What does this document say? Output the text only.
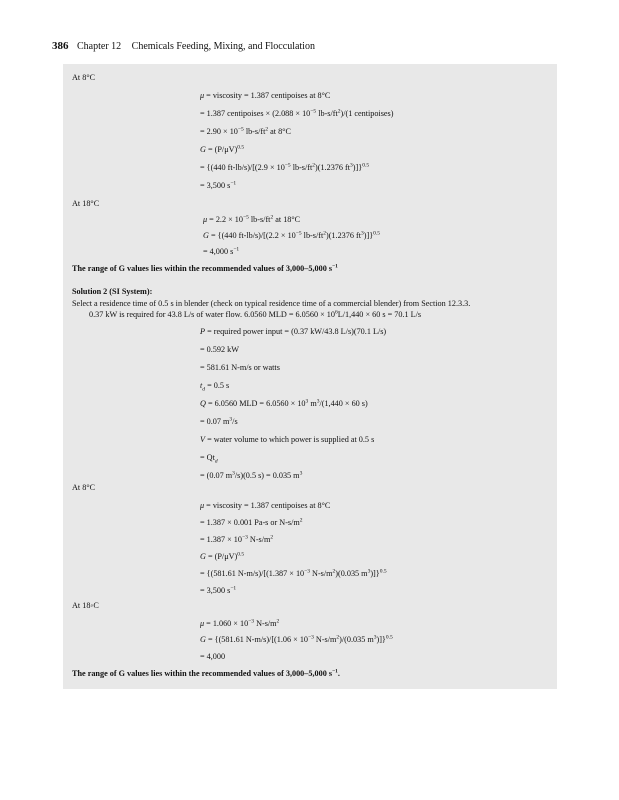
386 Chapter 12 Chemicals Feeding, Mixing, and Flocculation
At 8°C
μ = viscosity = 1.387 centipoises at 8°C
= 1.387 centipoises × ($2.088 \times 10^{-5}$ $lb-s/ft^2)/(1$ centipoises)
= $2.90 \times 10^{-5}$ $lb-s/ft^2$ at 8°C
$G = (P/\mu V)^{0.5}$
= {(440 $ft-lb/s)/[(2.9 \times 10^{-5}$ $lb-s/ft^2)(1.2376$ $ft^3)]\}^{0.5}$
= 3,500 $s^{-1}$
At 18°C
$\mu = 2.2 \times 10^{-5}$ $lb-s/ft^2$ at 18°C
G = {(440 $ft-lb/s)/[(2.2 \times 10^{-5}$ $lb-s/ft^2)(1.2376$ $ft^3)]\}^{0.5}$
= 4,000 $s^{-1}$
The range of G values lies within the recommended values of 3,000–5,000 $s^{-1}$
Solution 2 (SI System):
Select a residence time of 0.5 s in blender (check on typical residence time of a commercial blender) from Section 12.3.3.
0.37 kW is required for 43.8 L/s of water flow. 6.0560 MLD = $6.0560 \times 10^6L/1,440 \times 60$ s = 70.1 L/s
P = required power input = (0.37 kW/43.8 L/s)(70.1 L/s)
= 0.592 kW
= 581.61 N-m/s or watts
$t_d = 0.5$ s
Q = 6.0560 MLD = $6.0560 \times 10^3$ $m^3/(1,440 \times 60$ s)
= 0.07 $m^3/s$
V = water volume to which power is supplied at 0.5 s
= $Qt_d$
= (0.07 $m^3/s)(0.5$ s) = 0.035 $m^3$
At 8°C
μ = viscosity = 1.387 centipoises at 8°C
= 1.387 × 0.001 Pa-s or $N-s/m^2$
= $1.387 \times 10^{-3}$ $N-s/m^2$
$G = (P/\mu V)^{0.5}$
= {(581.61 $N-m/s)/[(1.387 \times 10^{-3}$ $N-s/m^2)(0.035$ $m^3)]\}^{0.5}$
= 3,500 $s^{-1}$
At 18◦C
$\mu = 1.060 \times 10^{-3}$ $N-s/m^2$
G = {(581.61 $N-m/s)/[(1.06 \times 10^{-3}$ $N-s/m^2)/(0.035$ $m^3)]\}^{0.5}$
= 4,000
The range of G values lies within the recommended values of 3,000–5,000 $s^{-1}$.
